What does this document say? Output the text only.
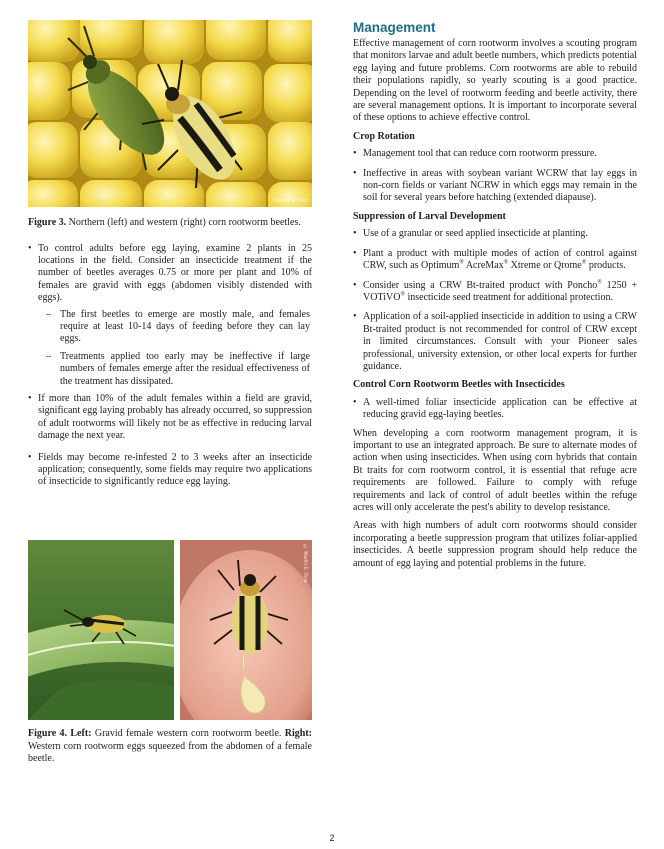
© Marlin E. Rice

Figure 3. Northern (left) and western (right) corn rootworm beetles.

• To control adults before egg laying, examine 2 plants in 25 locations in the field. Consider an insecticide treatment if the number of beetles averages 0.75 or more per plant and 10% of females are gravid with eggs (abdomen visibly distended with eggs).
– The first beetles to emerge are mostly male, and females require at least 10-14 days of feeding before they can lay eggs.
– Treatments applied too early may be ineffective if large numbers of females emerge after the residual effectiveness of the treatment has dissipated.
• If more than 10% of the adult females within a field are gravid, significant egg laying probably has already occurred, so suppression of adult rootworms will likely not be as effective in reducing larval damage the next year.
• Fields may become re-infested 2 to 3 weeks after an insecticide application; consequently, some fields may require two applications of insecticide to significantly reduce egg laying.
© Marlin E. Rice

Figure 4. Left: Gravid female western corn rootworm beetle. Right: Western corn rootworm eggs squeezed from the abdomen of a female beetle.

Management

Effective management of corn rootworm involves a scouting program that monitors larvae and adult beetle numbers, which predicts potential egg laying and future problems. Corn rootworms are able to rebuild their populations rapidly, so yearly scouting is a good practice. Depending on the level of rootworm feeding and beetle activity, there are several management options. It is important to incorporate several of these options to achieve effective control.

Crop Rotation
• Management tool that can reduce corn rootworm pressure.
• Ineffective in areas with soybean variant WCRW that lay eggs in non-corn fields or variant NCRW in which eggs may remain in the soil for several years before hatching (extended diapause).
Suppression of Larval Development
• Use of a granular or seed applied insecticide at planting.
• Plant a product with multiple modes of action of control against CRW, such as Optimum® AcreMax® Xtreme or Qrome® products.
• Consider using a CRW Bt-traited product with Poncho® 1250 + VOTiVO® insecticide seed treatment for additional protection.
• Application of a soil-applied insecticide in addition to using a CRW Bt-traited product is not recommended for control of CRW except in limited circumstances. Consult with your Pioneer sales professional, university extension, or other local experts for further guidance.
Control Corn Rootworm Beetles with Insecticides
• A well-timed foliar insecticide application can be effective at reducing gravid egg-laying beetles.

When developing a corn rootworm management program, it is important to use an integrated approach. Be sure to alternate modes of action when using insecticides. When using corn hybrids that contain Bt traits for corn rootworm control, it is essential that refuge acre requirements are followed. Failure to comply with refuge requirements and lack of control of adult beetles within the refuge acres will only accelerate the pest's ability to develop resistance.

Areas with high numbers of adult corn rootworms should consider incorporating a beetle suppression program that utilizes foliar-applied insecticides. A beetle suppression program should help reduce the amount of egg laying and potential problems in the future.

2
